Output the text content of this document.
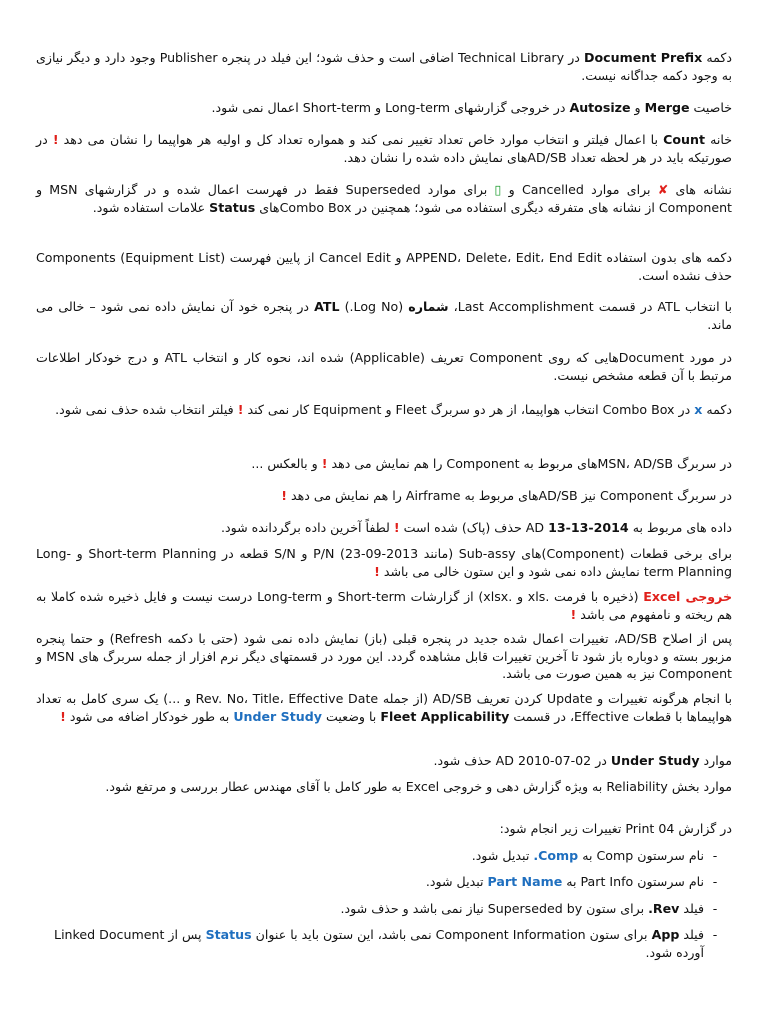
دکمه Document Prefix در Technical Library اضافی است و حذف شود؛ این فیلد در پنجره Publisher وجود دارد و دیگر نیازی به وجود دکمه جداگانه نیست.

خاصیت Merge و Autosize در خروجی گزارشهای Long-term و Short-term اعمال نمی شود.

خانه Count با اعمال فیلتر و انتخاب موارد خاص تعداد تغییر نمی کند و همواره تعداد کل و اولیه هر هواپیما را نشان می دهد ! در صورتیکه باید در هر لحظه تعداد AD/SBهای نمایش داده شده را نشان دهد.

نشانه های ✘ برای موارد Cancelled و ▯ برای موارد Superseded فقط در فهرست اعمال شده و در گزارشهای MSN و Component از نشانه های متفرقه دیگری استفاده می شود؛ همچنین در Combo Boxهای Status علامات استفاده شود.

دکمه های بدون استفاده APPEND، Delete، Edit، End Edit و Cancel Edit از پایین فهرست Components (Equipment List) حذف نشده است.

با انتخاب ATL در قسمت Last Accomplishment، شماره (Log No.) ATL در پنجره خود آن نمایش داده نمی شود – خالی می ماند.

در مورد Documentهایی که روی Component تعریف (Applicable) شده اند، نحوه کار و انتخاب ATL و درج خودکار اطلاعات مرتبط با آن قطعه مشخص نیست.

دکمه x در Combo Box انتخاب هواپیما، از هر دو سربرگ Fleet و Equipment کار نمی کند ! فیلتر انتخاب شده حذف نمی شود.

در سربرگ MSN، AD/SBهای مربوط به Component را هم نمایش می دهد ! و بالعکس ...

در سربرگ Component نیز AD/SBهای مربوط به Airframe را هم نمایش می دهد !

داده های مربوط به 2014-13-13 AD حذف (پاک) شده است ! لطفاً آخرین داده برگردانده شود.

برای برخی قطعات (Component)های Sub-assy (مانند 2013-09-23) P/N و S/N قطعه در Short-term Planning و Long-term Planning نمایش داده نمی شود و این ستون خالی می باشد !

خروجی Excel (ذخیره با فرمت .xls و .xlsx) از گزارشات Short-term و Long-term درست نیست و فایل ذخیره شده کاملا به هم ریخته و نامفهوم می باشد !

پس از اصلاح AD/SB، تغییرات اعمال شده جدید در پنجره قبلی (باز) نمایش داده نمی شود (حتی با دکمه Refresh) و حتما پنجره مزبور بسته و دوباره باز شود تا آخرین تغییرات قابل مشاهده گردد. این مورد در قسمتهای دیگر نرم افزار از جمله سربرگ های MSN و Component نیز به همین صورت می باشد.

با انجام هرگونه تغییرات و Update کردن تعریف AD/SB (از جمله Rev. No، Title، Effective Date و ...) یک سری کامل به تعداد هواپیماها با قطعات Effective، در قسمت Fleet Applicability با وضعیت Under Study به طور خودکار اضافه می شود !

موارد Under Study در AD 2010-07-02 حذف شود.

موارد بخش Reliability به ویژه گزارش دهی و خروجی Excel به طور کامل با آقای مهندس عطار بررسی و مرتفع شود.

در گزارش Print 04 تغییرات زیر انجام شود:

-

نام سرستون Comp به Comp. تبدیل شود.

-

نام سرستون Part Info به Part Name تبدیل شود.

-

فیلد Rev. برای ستون Superseded by نیاز نمی باشد و حذف شود.

-

فیلد App برای ستون Component Information نمی باشد، این ستون باید با عنوان Status پس از Linked Document آورده شود.
